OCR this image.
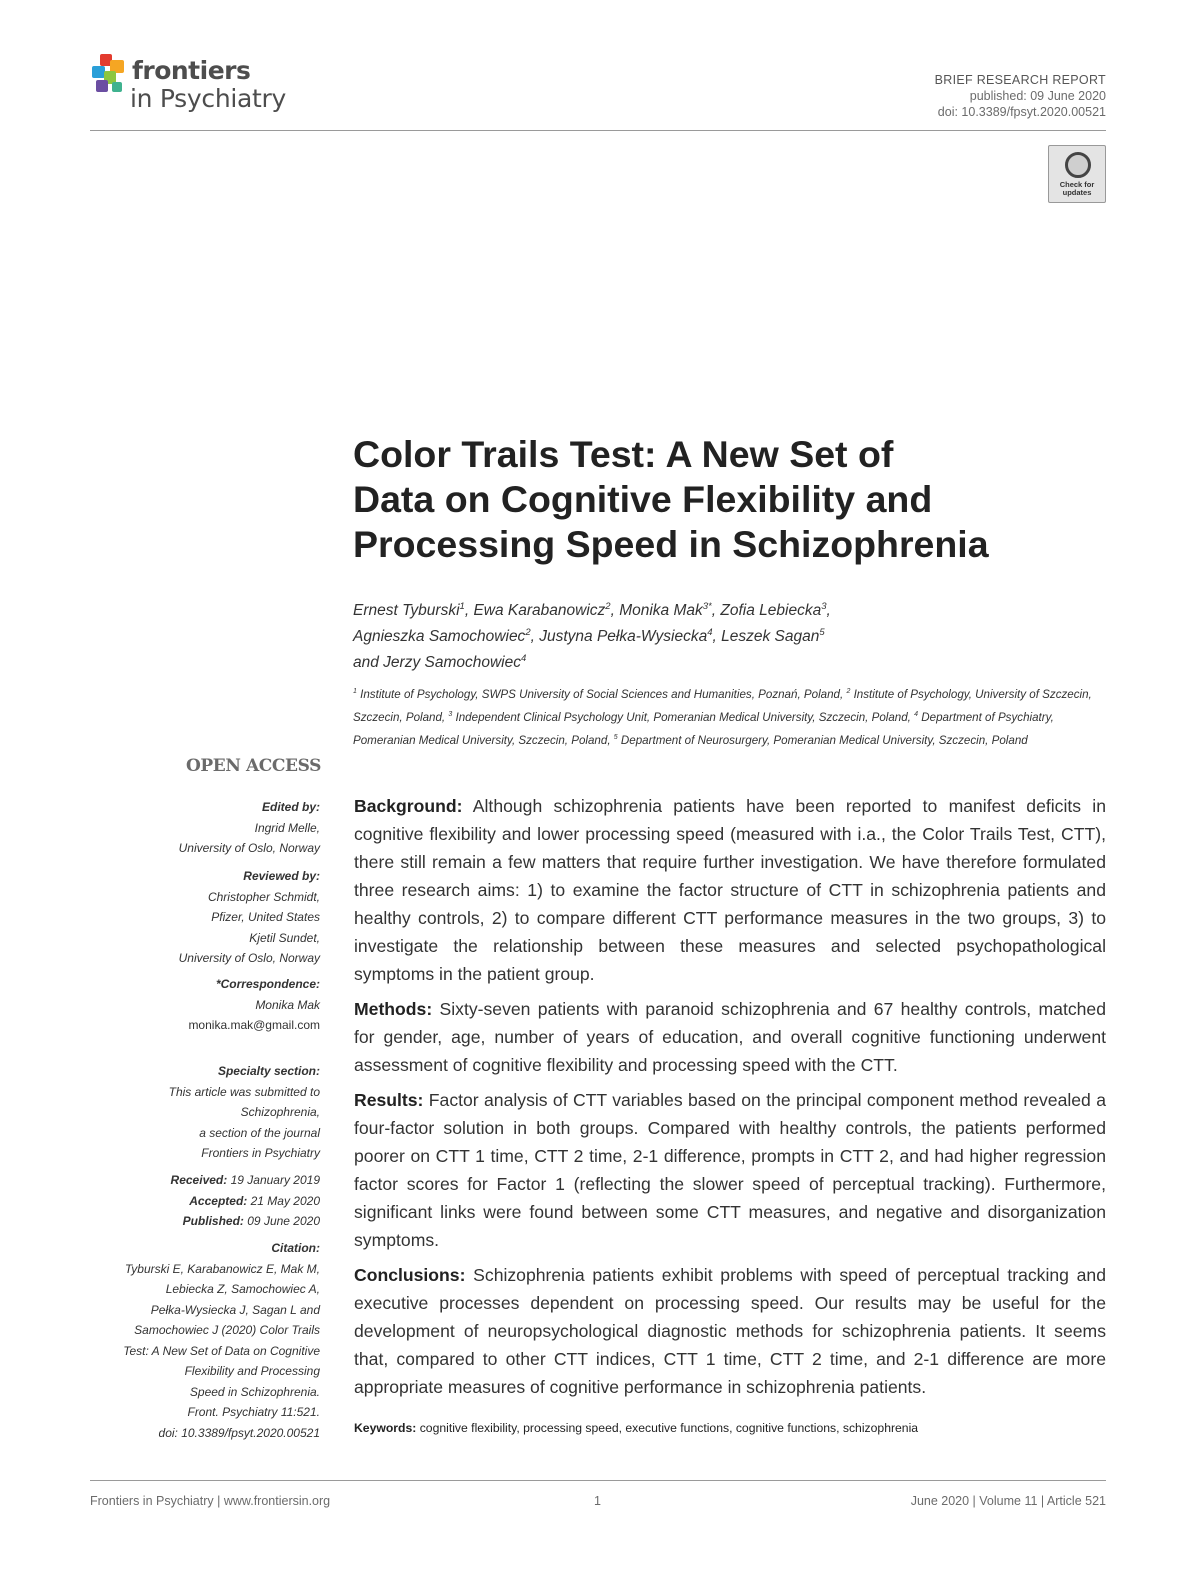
frontiers
in Psychiatry
BRIEF RESEARCH REPORT
published: 09 June 2020
doi: 10.3389/fpsyt.2020.00521
Check for updates
Color Trails Test: A New Set of
Data on Cognitive Flexibility and
Processing Speed in Schizophrenia
Ernest Tyburski$^1$, Ewa Karabanowicz$^2$, Monika Mak$^{3*}$, Zofia Lebiecka$^3$,
Agnieszka Samochowiec$^2$, Justyna Pełka-Wysiecka$^4$, Leszek Sagan$^5$
and Jerzy Samochowiec$^4$
$^1$ Institute of Psychology, SWPS University of Social Sciences and Humanities, Poznań, Poland, $^2$ Institute of Psychology, University of Szczecin, Szczecin, Poland, $^3$ Independent Clinical Psychology Unit, Pomeranian Medical University, Szczecin, Poland, $^4$ Department of Psychiatry, Pomeranian Medical University, Szczecin, Poland, $^5$ Department of Neurosurgery, Pomeranian Medical University, Szczecin, Poland
OPEN ACCESS
Edited by:
Ingrid Melle,
University of Oslo, Norway
Reviewed by:
Christopher Schmidt,
Pfizer, United States
Kjetil Sundet,
University of Oslo, Norway
*Correspondence:
Monika Mak
monika.mak@gmail.com
Specialty section:
This article was submitted to
Schizophrenia,
a section of the journal
Frontiers in Psychiatry
Received: 19 January 2019
Accepted: 21 May 2020
Published: 09 June 2020
Citation:
Tyburski E, Karabanowicz E, Mak M,
Lebiecka Z, Samochowiec A,
Pełka-Wysiecka J, Sagan L and
Samochowiec J (2020) Color Trails
Test: A New Set of Data on Cognitive
Flexibility and Processing
Speed in Schizophrenia.
Front. Psychiatry 11:521.
doi: 10.3389/fpsyt.2020.00521

Background: Although schizophrenia patients have been reported to manifest deficits in cognitive flexibility and lower processing speed (measured with i.a., the Color Trails Test, CTT), there still remain a few matters that require further investigation. We have therefore formulated three research aims: 1) to examine the factor structure of CTT in schizophrenia patients and healthy controls, 2) to compare different CTT performance measures in the two groups, 3) to investigate the relationship between these measures and selected psychopathological symptoms in the patient group.

Methods: Sixty-seven patients with paranoid schizophrenia and 67 healthy controls, matched for gender, age, number of years of education, and overall cognitive functioning underwent assessment of cognitive flexibility and processing speed with the CTT.

Results: Factor analysis of CTT variables based on the principal component method revealed a four-factor solution in both groups. Compared with healthy controls, the patients performed poorer on CTT 1 time, CTT 2 time, 2-1 difference, prompts in CTT 2, and had higher regression factor scores for Factor 1 (reflecting the slower speed of perceptual tracking). Furthermore, significant links were found between some CTT measures, and negative and disorganization symptoms.

Conclusions: Schizophrenia patients exhibit problems with speed of perceptual tracking and executive processes dependent on processing speed. Our results may be useful for the development of neuropsychological diagnostic methods for schizophrenia patients. It seems that, compared to other CTT indices, CTT 1 time, CTT 2 time, and 2-1 difference are more appropriate measures of cognitive performance in schizophrenia patients.

Keywords: cognitive flexibility, processing speed, executive functions, cognitive functions, schizophrenia
Frontiers in Psychiatry | www.frontiersin.org	1	June 2020 | Volume 11 | Article 521
